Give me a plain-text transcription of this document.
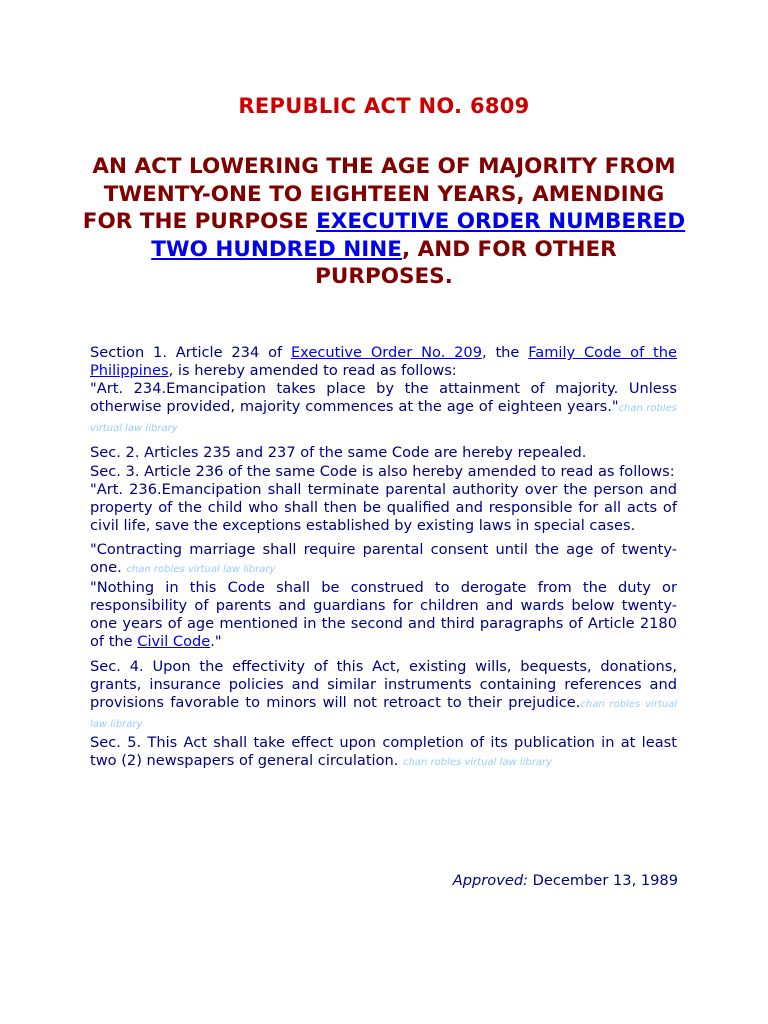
REPUBLIC ACT NO. 6809
AN ACT LOWERING THE AGE OF MAJORITY FROM TWENTY-ONE TO EIGHTEEN YEARS, AMENDING FOR THE PURPOSE EXECUTIVE ORDER NUMBERED TWO HUNDRED NINE, AND FOR OTHER PURPOSES.

Section 1. Article 234 of Executive Order No. 209, the Family Code of the Philippines, is hereby amended to read as follows:

"Art. 234.Emancipation takes place by the attainment of majority. Unless otherwise provided, majority commences at the age of eighteen years."chan robles virtual law library

Sec. 2. Articles 235 and 237 of the same Code are hereby repealed.

Sec. 3. Article 236 of the same Code is also hereby amended to read as follows:

"Art. 236.Emancipation shall terminate parental authority over the person and property of the child who shall then be qualified and responsible for all acts of civil life, save the exceptions established by existing laws in special cases.

"Contracting marriage shall require parental consent until the age of twenty-one. chan robles virtual law library

"Nothing in this Code shall be construed to derogate from the duty or responsibility of parents and guardians for children and wards below twenty-one years of age mentioned in the second and third paragraphs of Article 2180 of the Civil Code."

Sec. 4. Upon the effectivity of this Act, existing wills, bequests, donations, grants, insurance policies and similar instruments containing references and provisions favorable to minors will not retroact to their prejudice.chan robles virtual law library

Sec. 5. This Act shall take effect upon completion of its publication in at least two (2) newspapers of general circulation. chan robles virtual law library

Approved: December 13, 1989
